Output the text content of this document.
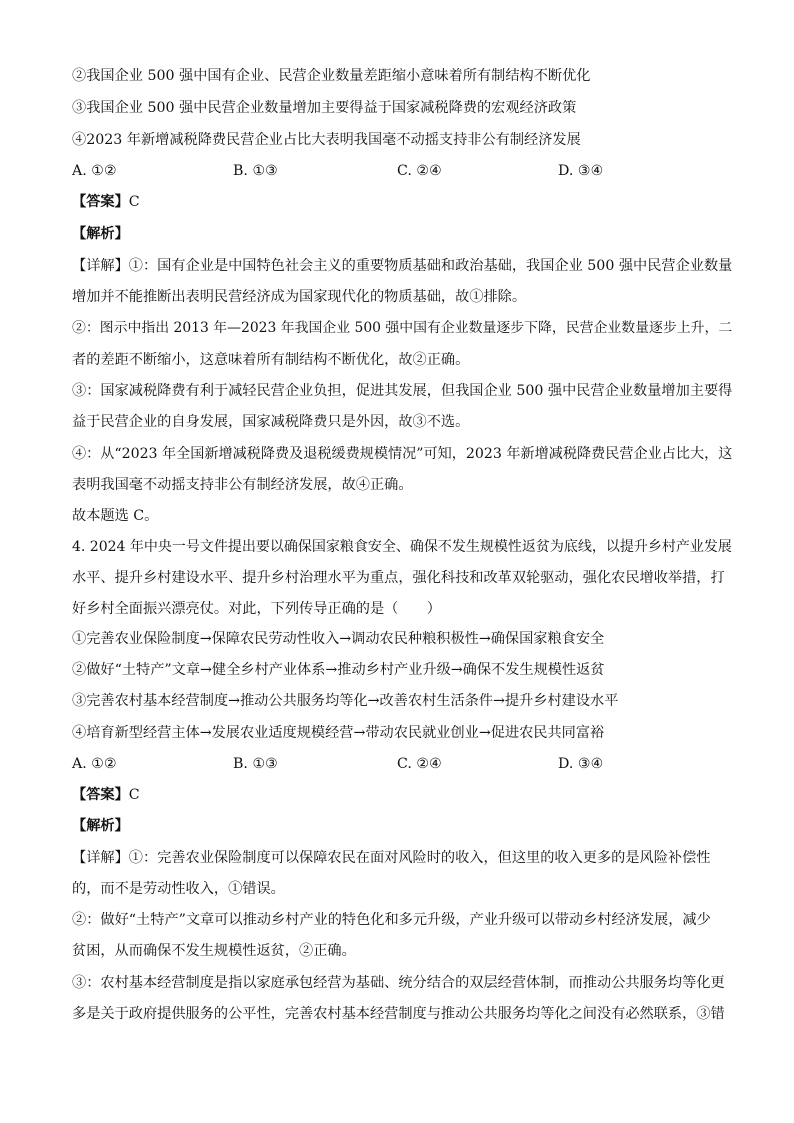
②我国企业 500 强中国有企业、民营企业数量差距缩小意味着所有制结构不断优化
③我国企业 500 强中民营企业数量增加主要得益于国家减税降费的宏观经济政策
④2023 年新增减税降费民营企业占比大表明我国毫不动摇支持非公有制经济发展
A. ①②	B. ①③	C. ②④	D. ③④
【答案】C
【解析】
【详解】①：国有企业是中国特色社会主义的重要物质基础和政治基础，我国企业 500 强中民营企业数量
增加并不能推断出表明民营经济成为国家现代化的物质基础，故①排除。
②：图示中指出 2013 年—2023 年我国企业 500 强中国有企业数量逐步下降，民营企业数量逐步上升，二
者的差距不断缩小，这意味着所有制结构不断优化，故②正确。
③：国家减税降费有利于减轻民营企业负担，促进其发展，但我国企业 500 强中民营企业数量增加主要得
益于民营企业的自身发展，国家减税降费只是外因，故③不选。
④：从“2023 年全国新增减税降费及退税缓费规模情况”可知，2023 年新增减税降费民营企业占比大，这
表明我国毫不动摇支持非公有制经济发展，故④正确。
故本题选 C。
4. 2024 年中央一号文件提出要以确保国家粮食安全、确保不发生规模性返贫为底线，以提升乡村产业发展
水平、提升乡村建设水平、提升乡村治理水平为重点，强化科技和改革双轮驱动，强化农民增收举措，打
好乡村全面振兴漂亮仗。对此，下列传导正确的是（　　）
①完善农业保险制度→保障农民劳动性收入→调动农民种粮积极性→确保国家粮食安全
②做好“土特产”文章→健全乡村产业体系→推动乡村产业升级→确保不发生规模性返贫
③完善农村基本经营制度→推动公共服务均等化→改善农村生活条件→提升乡村建设水平
④培育新型经营主体→发展农业适度规模经营→带动农民就业创业→促进农民共同富裕
A. ①②	B. ①③	C. ②④	D. ③④
【答案】C
【解析】
【详解】①：完善农业保险制度可以保障农民在面对风险时的收入，但这里的收入更多的是风险补偿性
的，而不是劳动性收入，①错误。
②：做好“土特产”文章可以推动乡村产业的特色化和多元升级，产业升级可以带动乡村经济发展，减少
贫困，从而确保不发生规模性返贫，②正确。
③：农村基本经营制度是指以家庭承包经营为基础、统分结合的双层经营体制，而推动公共服务均等化更
多是关于政府提供服务的公平性，完善农村基本经营制度与推动公共服务均等化之间没有必然联系，③错
